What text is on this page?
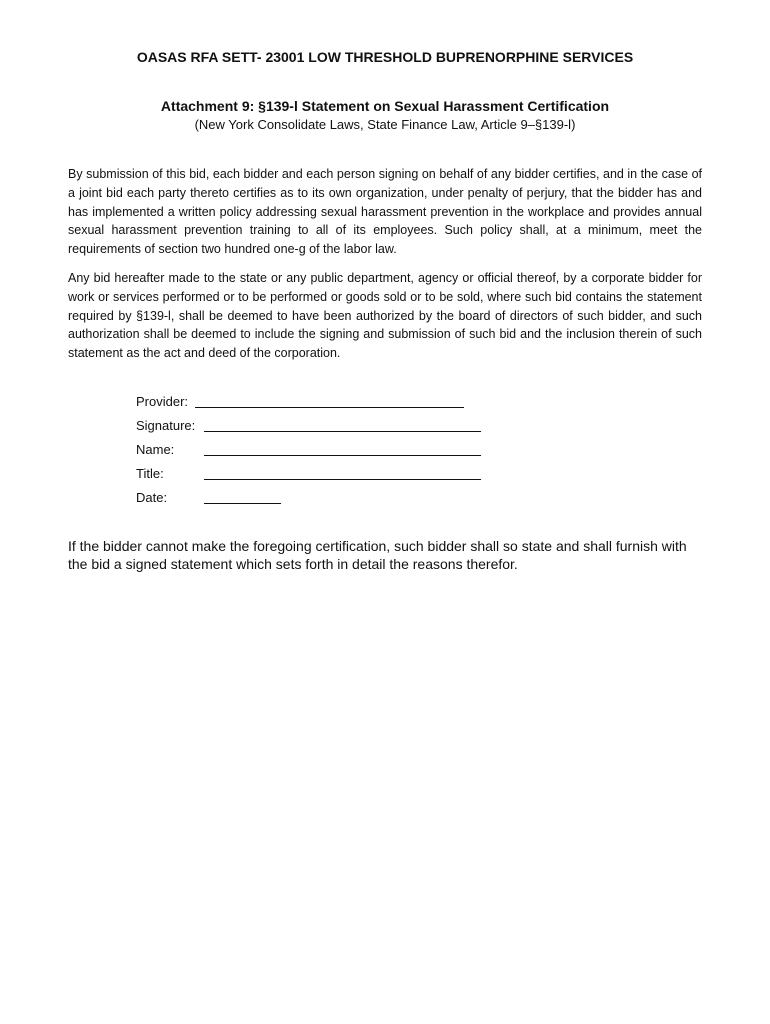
OASAS RFA SETT- 23001 LOW THRESHOLD BUPRENORPHINE SERVICES
Attachment 9: §139-l Statement on Sexual Harassment Certification
(New York Consolidate Laws, State Finance Law, Article 9–§139-l)
By submission of this bid, each bidder and each person signing on behalf of any bidder certifies, and in the case of a joint bid each party thereto certifies as to its own organization, under penalty of perjury, that the bidder has and has implemented a written policy addressing sexual harassment prevention in the workplace and provides annual sexual harassment prevention training to all of its employees. Such policy shall, at a minimum, meet the requirements of section two hundred one-g of the labor law.
Any bid hereafter made to the state or any public department, agency or official thereof, by a corporate bidder for work or services performed or to be performed or goods sold or to be sold, where such bid contains the statement required by §139-l, shall be deemed to have been authorized by the board of directors of such bidder, and such authorization shall be deemed to include the signing and submission of such bid and the inclusion therein of such statement as the act and deed of the corporation.
Provider:
Signature:
Name:
Title:
Date:
If the bidder cannot make the foregoing certification, such bidder shall so state and shall furnish with the bid a signed statement which sets forth in detail the reasons therefor.
